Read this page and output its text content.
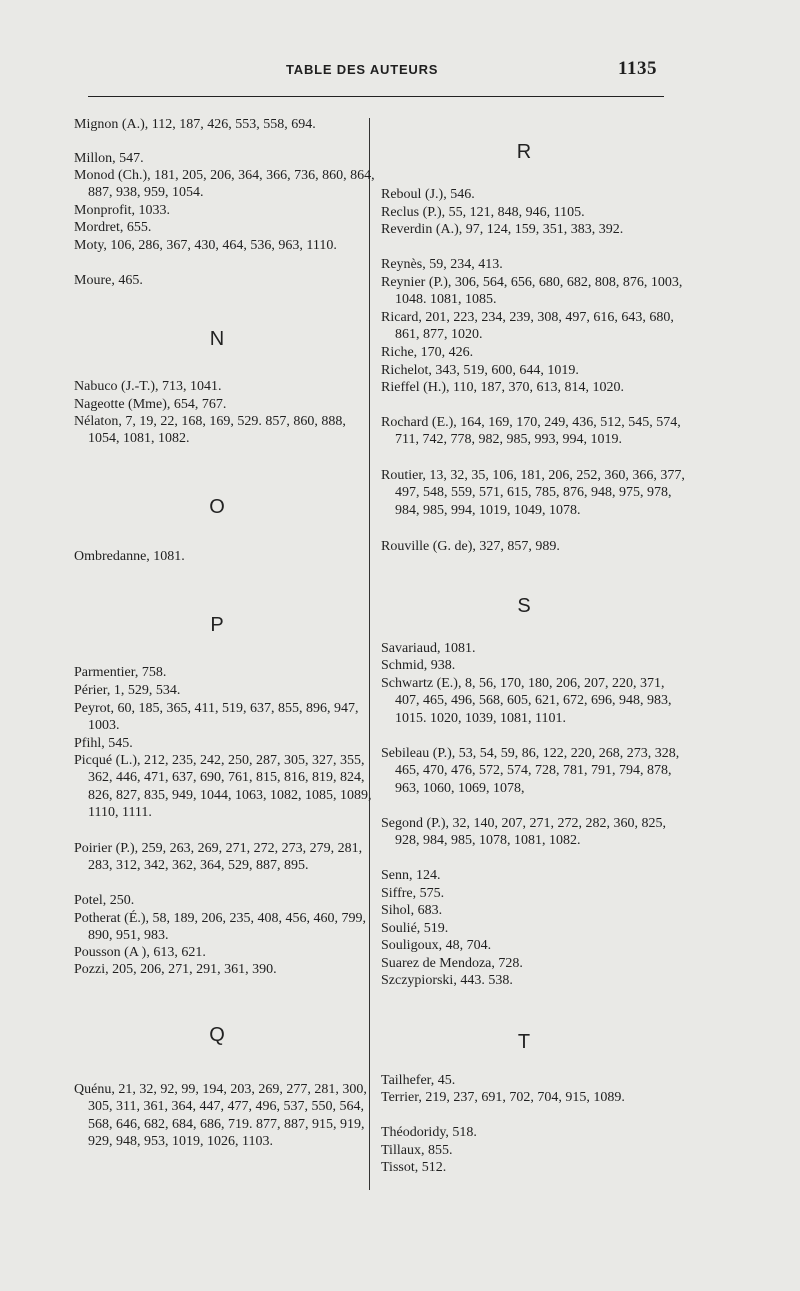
TABLE DES AUTEURS	1135
Mignon (A.), 112, 187, 426, 553, 558, 694.
Millon, 547.
Monod (Ch.), 181, 205, 206, 364, 366, 736, 860, 864, 887, 938, 959, 1054.
Monprofit, 1033.
Mordret, 655.
Moty, 106, 286, 367, 430, 464, 536, 963, 1110.
Moure, 465.
N
Nabuco (J.-T.), 713, 1041.
Nageotte (Mme), 654, 767.
Nélaton, 7, 19, 22, 168, 169, 529. 857, 860, 888, 1054, 1081, 1082.
O
Ombredanne, 1081.
P
Parmentier, 758.
Périer, 1, 529, 534.
Peyrot, 60, 185, 365, 411, 519, 637, 855, 896, 947, 1003.
Pfihl, 545.
Picqué (L.), 212, 235, 242, 250, 287, 305, 327, 355, 362, 446, 471, 637, 690, 761, 815, 816, 819, 824, 826, 827, 835, 949, 1044, 1063, 1082, 1085, 1089, 1110, 1111.
Poirier (P.), 259, 263, 269, 271, 272, 273, 279, 281, 283, 312, 342, 362, 364, 529, 887, 895.
Potel, 250.
Potherat (É.), 58, 189, 206, 235, 408, 456, 460, 799, 890, 951, 983.
Pousson (A ), 613, 621.
Pozzi, 205, 206, 271, 291, 361, 390.
Q
Quénu, 21, 32, 92, 99, 194, 203, 269, 277, 281, 300, 305, 311, 361, 364, 447, 477, 496, 537, 550, 564, 568, 646, 682, 684, 686, 719. 877, 887, 915, 919, 929, 948, 953, 1019, 1026, 1103.
R
Reboul (J.), 546.
Reclus (P.), 55, 121, 848, 946, 1105.
Reverdin (A.), 97, 124, 159, 351, 383, 392.
Reynès, 59, 234, 413.
Reynier (P.), 306, 564, 656, 680, 682, 808, 876, 1003, 1048. 1081, 1085.
Ricard, 201, 223, 234, 239, 308, 497, 616, 643, 680, 861, 877, 1020.
Riche, 170, 426.
Richelot, 343, 519, 600, 644, 1019.
Rieffel (H.), 110, 187, 370, 613, 814, 1020.
Rochard (E.), 164, 169, 170, 249, 436, 512, 545, 574, 711, 742, 778, 982, 985, 993, 994, 1019.
Routier, 13, 32, 35, 106, 181, 206, 252, 360, 366, 377, 497, 548, 559, 571, 615, 785, 876, 948, 975, 978, 984, 985, 994, 1019, 1049, 1078.
Rouville (G. de), 327, 857, 989.
S
Savariaud, 1081.
Schmid, 938.
Schwartz (E.), 8, 56, 170, 180, 206, 207, 220, 371, 407, 465, 496, 568, 605, 621, 672, 696, 948, 983, 1015. 1020, 1039, 1081, 1101.
Sebileau (P.), 53, 54, 59, 86, 122, 220, 268, 273, 328, 465, 470, 476, 572, 574, 728, 781, 791, 794, 878, 963, 1060, 1069, 1078,
Segond (P.), 32, 140, 207, 271, 272, 282, 360, 825, 928, 984, 985, 1078, 1081, 1082.
Senn, 124.
Siffre, 575.
Sihol, 683.
Soulié, 519.
Souligoux, 48, 704.
Suarez de Mendoza, 728.
Szczypiorski, 443. 538.
T
Tailhefer, 45.
Terrier, 219, 237, 691, 702, 704, 915, 1089.
Théodoridy, 518.
Tillaux, 855.
Tissot, 512.
